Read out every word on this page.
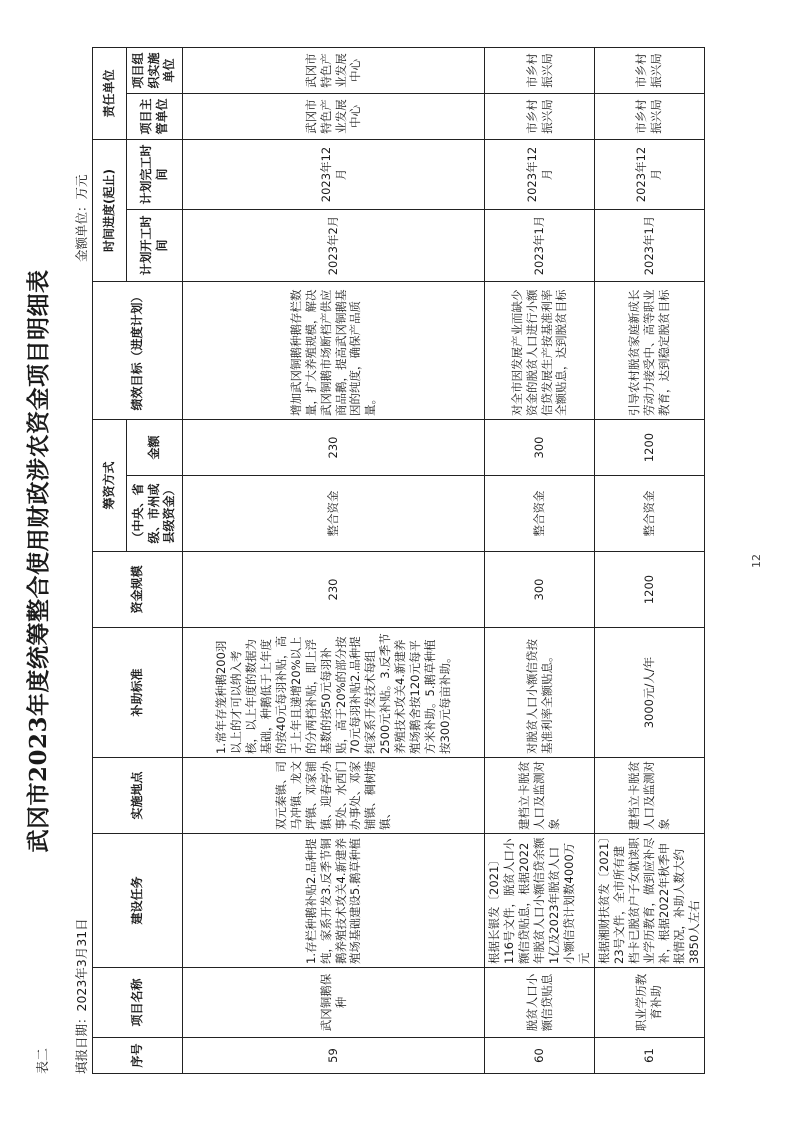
表二
武冈市2023年度统筹整合使用财政涉农资金项目明细表
填报日期：2023年3月31日
金额单位：万元
序号	项目名称	建设任务	实施地点	补助标准	资金规模	筹资方式		绩效目标（进度计划）	时间进度(起止)		责任单位	
						（中央、省级、市州或县级资金）	金额		计划开工时间	计划完工时间	项目主管单位	项目组织实施单位

59	武冈铜鹅保种	1.存栏种鹅补贴2.品种提纯，家系开发3.反季节铜鹅养殖技术攻关4.新建养殖场基础建设5.鹅草种植	双元秦镇、司马冲镇、龙文坪镇、邓家铺镇、迎春亭办事处、水西门办事处、邓家铺镇、稠树塘镇、	1.常年存笼种鹅200羽以上的才可以纳入考核，以上年度的数据为基础，种鹅低于上年度的按40元每羽补贴，高于上年且递增20%以上的分两档补贴，即上浮基数的按50元每羽补贴，高于20%的部分按70元每羽补贴2.品种提纯家系开发技术每组2500元补贴。3.反季节养殖技术攻关4.新建养殖场鹅舍按120元每平方米补助。5.鹅草种植按300元每亩补助。	230	整合资金	230	增加武冈铜鹅种鹅存栏数量，扩大养殖规模，解决武冈铜鹅市场断档产供应商品鹅，提高武冈铜鹅基因的纯度，确保产品质量。	2023年2月	2023年12月	武冈市特色产业发展中心	武冈市特色产业发展中心
60	脱贫人口小额信贷贴息	根据长银发〔2021〕116号文件，脱贫人口小额信贷贴息，根据2022年脱贫人口小额信贷余额1亿及2023年脱贫人口小额信贷计划数4000万元	建档立卡脱贫人口及监测对象	对脱贫人口小额信贷按基准利率全额贴息。	300	整合资金	300	对全市因发展产业而缺少资金的脱贫人口进行小额信贷发展生产按基准利率全额贴息，达到脱贫目标	2023年1月	2023年12月	市乡村振兴局	市乡村振兴局
61	职业学历教育补助	根据湘财扶贫发〔2021〕23号文件，全市所有建档卡已脱贫户子女就读职业学历教育，做到应补尽补，根据2022年秋季申报情况，补助人数大约3850人左右	建档立卡脱贫人口及监测对象	3000元/人/年	1200	整合资金	1200	引导农村脱贫家庭新成长劳动力接受中、高等职业教育，达到稳定脱贫目标	2023年1月	2023年12月	市乡村振兴局	市乡村振兴局
12
